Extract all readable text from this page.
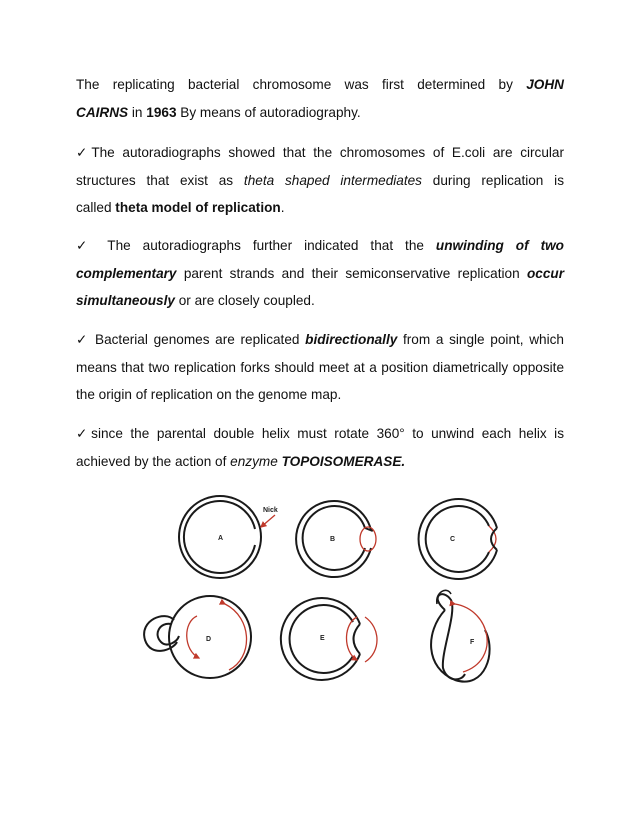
The replicating bacterial chromosome was first determined by JOHN
CAIRNS in 1963 By means of autoradiography.
✓The autoradiographs showed that the chromosomes of E.coli are circular
structures that exist as theta shaped intermediates during replication is
called theta model of replication.
✓ The autoradiographs further indicated that the unwinding of two
complementary parent strands and their semiconservative replication occur
simultaneously or are closely coupled.
✓ Bacterial genomes are replicated bidirectionally from a single point, which
means that two replication forks should meet at a position diametrically opposite
the origin of replication on the genome map.
✓since the parental double helix must rotate 360° to unwind each helix is
achieved by the action of enzyme TOPOISOMERASE.
Nick
A	B	C
D	E
F
